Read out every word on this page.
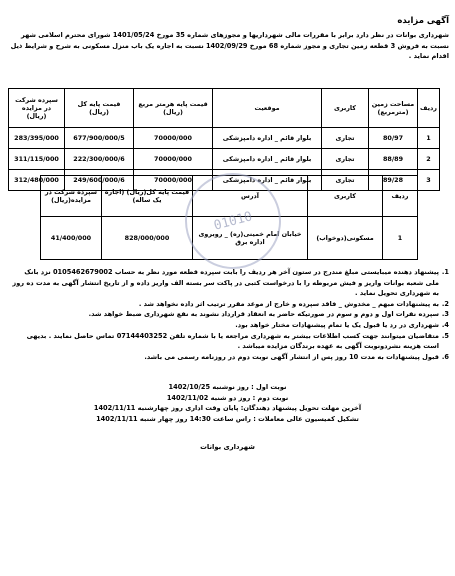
آگهی مزایده
شهرداری بوانات در نظر دارد برابر با مقررات مالی شهرداریها و مجوزهای شماره 35 مورخ 1401/05/24 شورای محترم اسلامی شهر نسبت به فروش 3 قطعه زمین تجاری و مجوز شماره 68 مورخ 1402/09/29 نسبت به اجاره یک باب منزل مسکونی به شرح و شرایط ذیل اقدام نماید .
ردیف	مساحت زمین (مترمربع)	کاربری	موقعیت	قیمت پایه هرمتر مربع (ریال)	قیمت پایه کل (ریال)	سپرده شرکت در مزایده (ریال)
1	80/97	تجاری	بلوار قائم _ اداره دامپزشکی	70000/000	677/900/000/5	283/395/000
2	88/89	تجاری	بلوار قائم _ اداره دامپزشکی	70000/000	222/300/000/6	311/115/000
3	89/28	تجاری	بلوار قائم _ اداره دامپزشکی	70000/000	249/600/000/6	312/480/000
ردیف	کاربری	آدرس	قیمت پایه کل(ریال) (اجاره یک ساله)	سپرده شرکت در مزایده(ریال)
1	مسکونی(دوخواب)	خیابان امام خمینی(ره) _ روبروی اداره برق	828/000/000	41/400/000
01010
1.
پیشنهاد دهنده میبایستی مبلغ مندرج در ستون آخر هر ردیف را بابت سپرده قطعه مورد نظر به حساب 0105462679002 نزد بانک ملی شعبه بوانات واریز و فیش مربوطه را با درخواست کتبی در پاکت سر بسته الف واریز داده و از تاریخ انتشار آگهی به مدت ده روز به شهرداری تحویل نماید .
2.
به پیشنهادات مبهم _ مخدوش _ فاقد سپرده و خارج از موعد مقرر ترتیب اثر داده نخواهد شد .
3.
سپرده نفرات اول و دوم و سوم در صورتیکه حاضر به انعقاد قرارداد نشوند به نفع شهرداری ضبط خواهد شد.
4.
شهرداری در رد یا قبول یک یا تمام پیشنهادات مختار خواهد بود.
5.
متقاضیان میتوانند جهت کسب اطلاعات بیشتر به شهرداری مراجعه یا با شماره تلفن 07144403252 تماس حاصل نمایند . بدیهی است هزینه نشردونوبت آگهی به عهده برندگان مزایده میباشد .
6.
قبول پیشنهادات به مدت 10 روز پس از انتشار آگهی نوبت دوم در روزنامه رسمی می باشد.
نوبت اول : روز نوشنبه 1402/10/25
نوبت دوم : روز دو شنبه 1402/11/02
آخرین مهلت تحویل پیشنهاد دهندگان: پایان وقت اداری روز چهارشنبه 1402/11/11
تشکیل کمیسیون عالی معاملات : راس ساعت 14:30 روز چهار شنبه 1402/11/11
شهرداری بوانات
